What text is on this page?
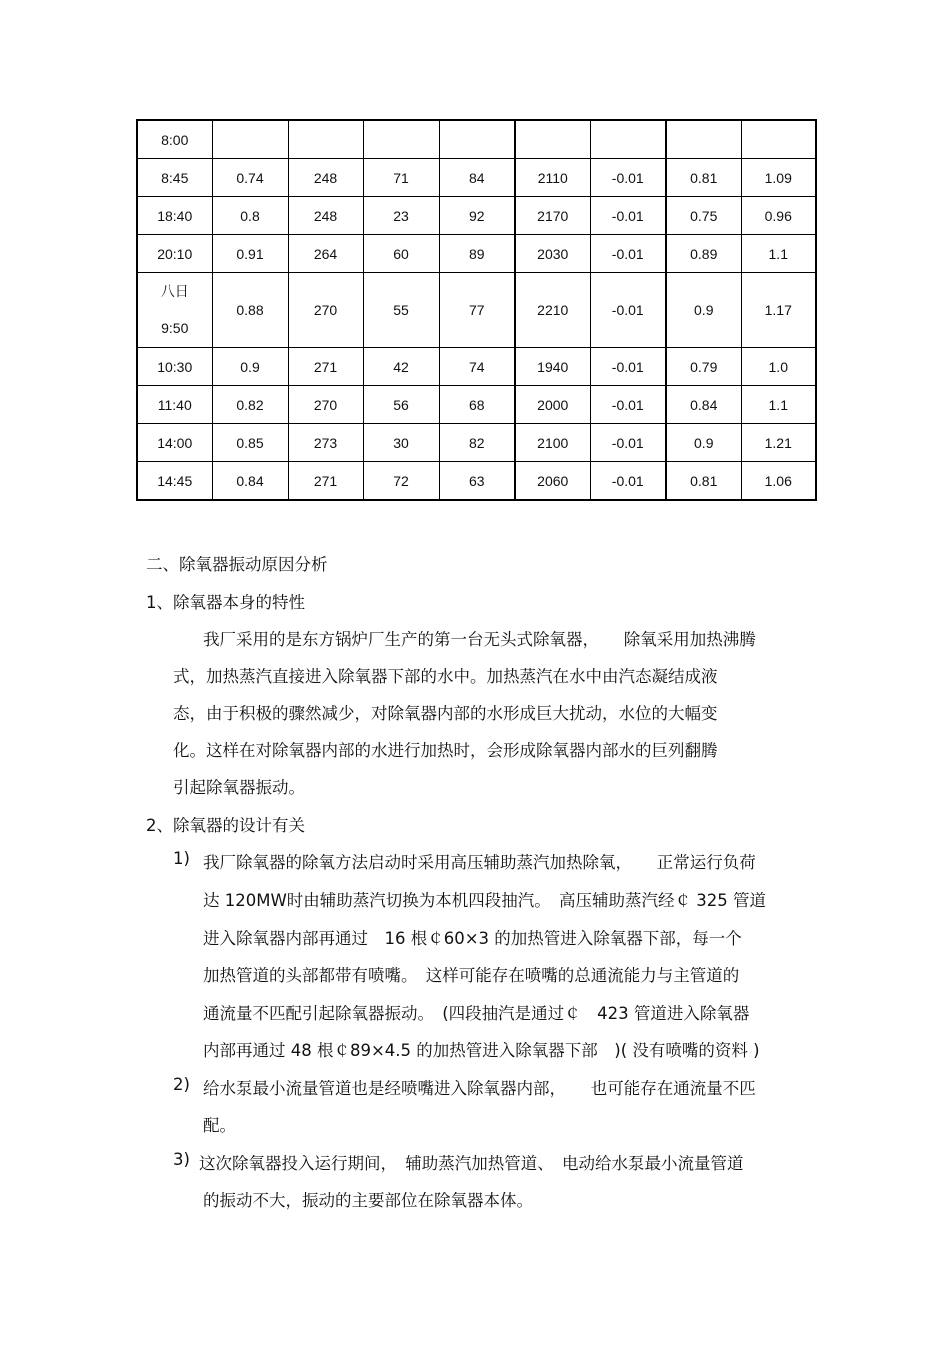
8:00								
8:45	0.74	248	71	84	2110	-0.01	0.81	1.09
18:40	0.8	248	23	92	2170	-0.01	0.75	0.96
20:10	0.91	264	60	89	2030	-0.01	0.89	1.1

八日
9:50	0.88	270	55	77	2210	-0.01	0.9	1.17
10:30	0.9	271	42	74	1940	-0.01	0.79	1.0
11:40	0.82	270	56	68	2000	-0.01	0.84	1.1
14:00	0.85	273	30	82	2100	-0.01	0.9	1.21
14:45	0.84	271	72	63	2060	-0.01	0.81	1.06
二、除氧器振动原因分析
1、除氧器本身的特性
我厂采用的是东方锅炉厂生产的第一台无头式除氧器，　　除氧采用加热沸腾
式，加热蒸汽直接进入除氧器下部的水中。加热蒸汽在水中由汽态凝结成液
态，由于积极的骤然减少，对除氧器内部的水形成巨大扰动，水位的大幅变
化。这样在对除氧器内部的水进行加热时，会形成除氧器内部水的巨列翻腾
引起除氧器振动。
2、除氧器的设计有关
1) 我厂除氧器的除氧方法启动时采用高压辅助蒸汽加热除氧，　　正常运行负荷
达 120MW时由辅助蒸汽切换为本机四段抽汽。　高压辅助蒸汽经￠ 325 管道
进入除氧器内部再通过　16 根￠60×3 的加热管进入除氧器下部，每一个
加热管道的头部都带有喷嘴。　这样可能存在喷嘴的总通流能力与主管道的
通流量不匹配引起除氧器振动。　(四段抽汽是通过￠　423 管道进入除氧器
内部再通过 48 根￠89×4.5 的加热管进入除氧器下部　)( 没有喷嘴的资料 )
2) 给水泵最小流量管道也是经喷嘴进入除氧器内部，　　也可能存在通流量不匹
配。
3) 这次除氧器投入运行期间，　辅助蒸汽加热管道、　电动给水泵最小流量管道
的振动不大，振动的主要部位在除氧器本体。
